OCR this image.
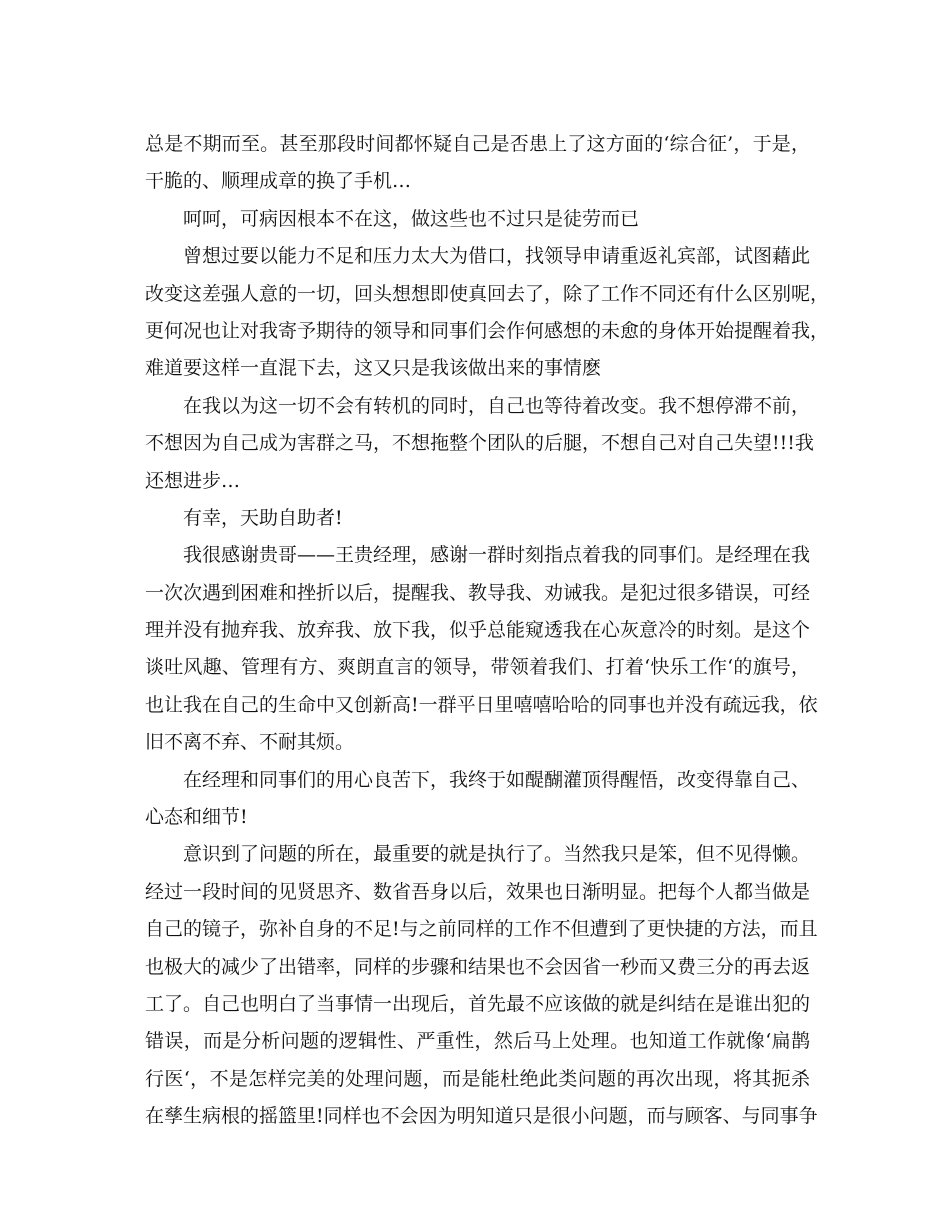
总是不期而至。甚至那段时间都怀疑自己是否患上了这方面的‘综合征’，于是，
干脆的、顺理成章的换了手机…
呵呵，可病因根本不在这，做这些也不过只是徒劳而已
曾想过要以能力不足和压力太大为借口，找领导申请重返礼宾部，试图藉此
改变这差强人意的一切，回头想想即使真回去了，除了工作不同还有什么区别呢，
更何况也让对我寄予期待的领导和同事们会作何感想的未愈的身体开始提醒着我，
难道要这样一直混下去，这又只是我该做出来的事情麽
在我以为这一切不会有转机的同时，自己也等待着改变。我不想停滞不前，
不想因为自己成为害群之马，不想拖整个团队的后腿，不想自己对自己失望!!!我
还想进步…
有幸，天助自助者!
我很感谢贵哥——王贵经理，感谢一群时刻指点着我的同事们。是经理在我
一次次遇到困难和挫折以后，提醒我、教导我、劝诫我。是犯过很多错误，可经
理并没有抛弃我、放弃我、放下我，似乎总能窥透我在心灰意冷的时刻。是这个
谈吐风趣、管理有方、爽朗直言的领导，带领着我们、打着‘快乐工作‘的旗号，
也让我在自己的生命中又创新高!一群平日里嘻嘻哈哈的同事也并没有疏远我，依
旧不离不弃、不耐其烦。
在经理和同事们的用心良苦下，我终于如醍醐灌顶得醒悟，改变得靠自己、
心态和细节!
意识到了问题的所在，最重要的就是执行了。当然我只是笨，但不见得懒。
经过一段时间的见贤思齐、数省吾身以后，效果也日渐明显。把每个人都当做是
自己的镜子，弥补自身的不足!与之前同样的工作不但遭到了更快捷的方法，而且
也极大的减少了出错率，同样的步骤和结果也不会因省一秒而又费三分的再去返
工了。自己也明白了当事情一出现后，首先最不应该做的就是纠结在是谁出犯的
错误，而是分析问题的逻辑性、严重性，然后马上处理。也知道工作就像‘扁鹊
行医‘，不是怎样完美的处理问题，而是能杜绝此类问题的再次出现，将其扼杀
在孳生病根的摇篮里!同样也不会因为明知道只是很小问题，而与顾客、与同事争
